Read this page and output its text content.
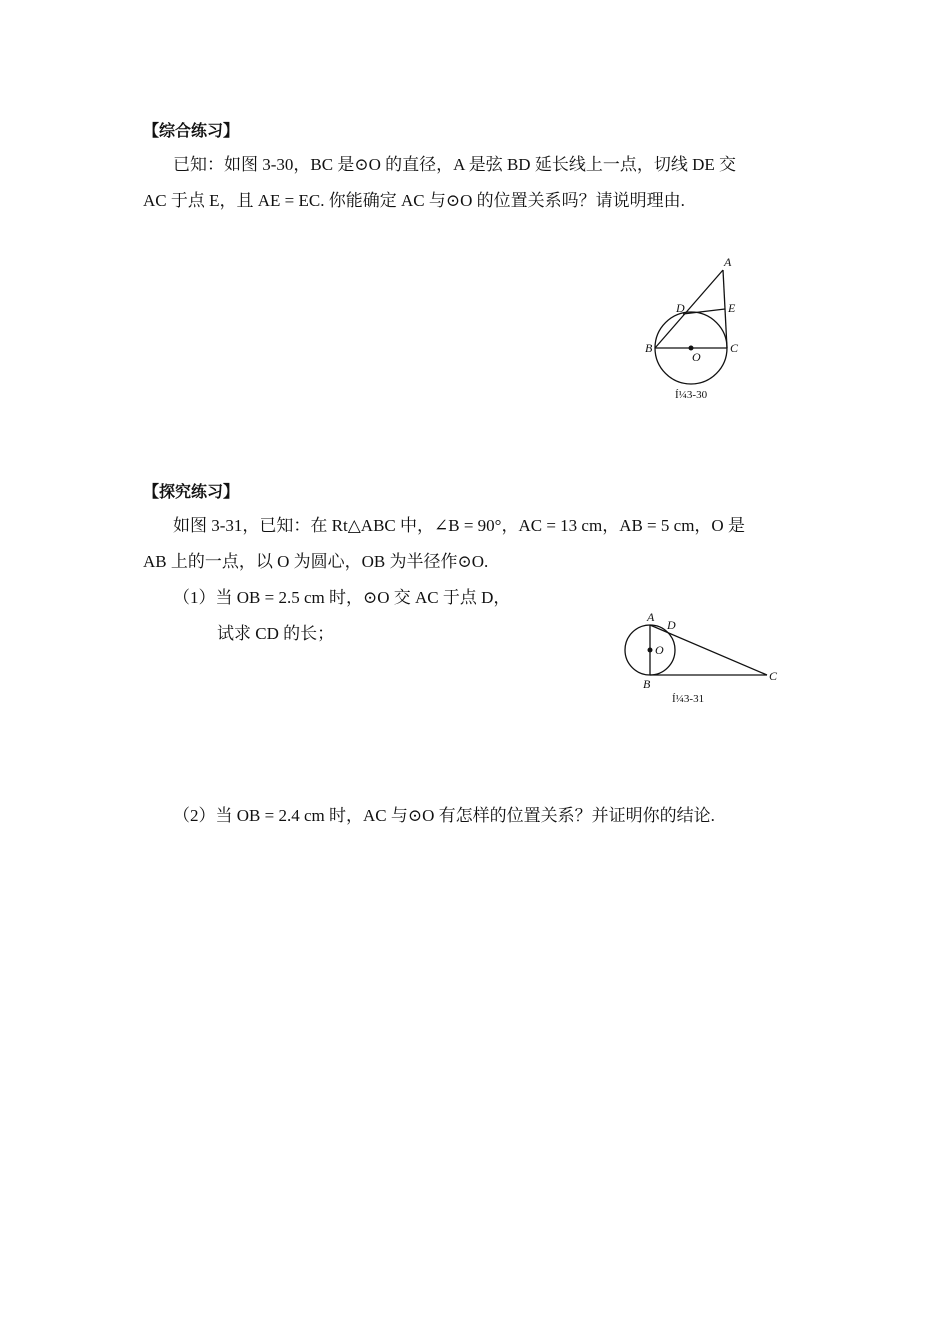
【综合练习】
已知：如图 3-30，BC 是⊙O 的直径，A 是弦 BD 延长线上一点，切线 DE 交
AC 于点 E，且 AE = EC. 你能确定 AC 与⊙O 的位置关系吗？请说明理由.
A
D	E
B
O
C
Í¼3-30
【探究练习】
如图 3-31，已知：在 Rt△ABC 中，∠B = 90°，AC = 13 cm，AB = 5 cm，O 是
AB 上的一点，以 O 为圆心，OB 为半径作⊙O.
（1）当 OB = 2.5 cm 时，⊙O 交 AC 于点 D，
试求 CD 的长；
（2）当 OB = 2.4 cm 时，AC 与⊙O 有怎样的位置关系？并证明你的结论.
A
D
O
B
C
Í¼3-31
